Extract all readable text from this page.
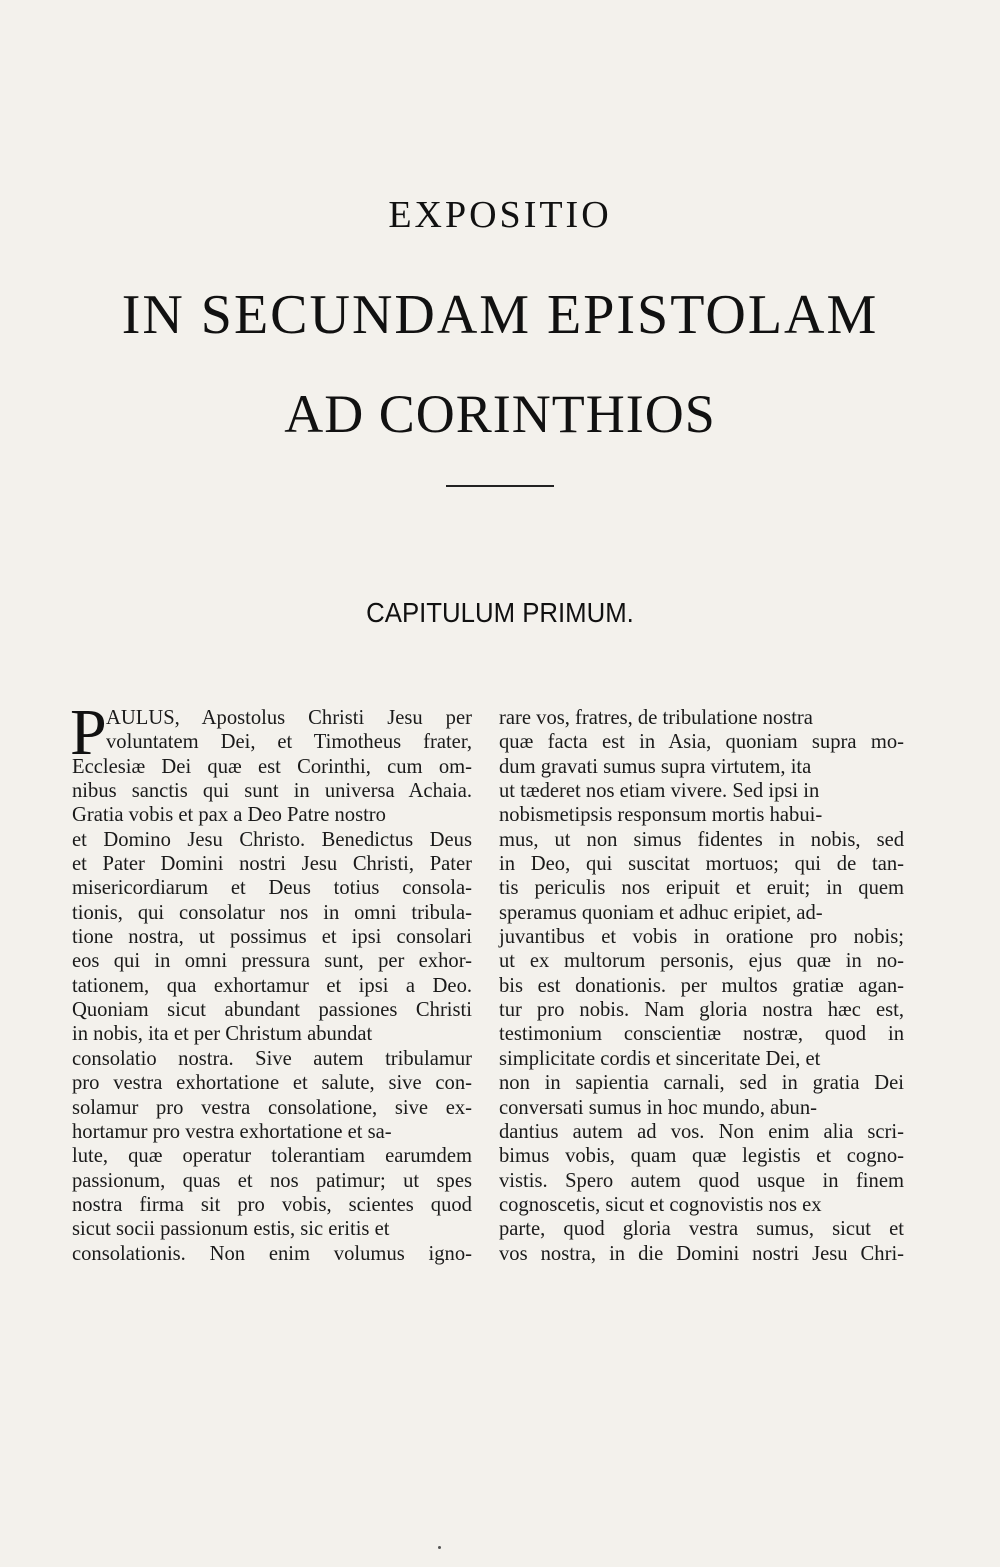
EXPOSITIO
IN SECUNDAM EPISTOLAM
AD CORINTHIOS
CAPITULUM PRIMUM.
P AULUS, Apostolus Christi Jesu per
voluntatem Dei, et Timotheus frater,
Ecclesiæ Dei quæ est Corinthi, cum om-
nibus sanctis qui sunt in universa Achaia.
Gratia vobis et pax a Deo Patre nostro
et Domino Jesu Christo. Benedictus Deus
et Pater Domini nostri Jesu Christi, Pater
misericordiarum et Deus totius consola-
tionis, qui consolatur nos in omni tribula-
tione nostra, ut possimus et ipsi consolari
eos qui in omni pressura sunt, per exhor-
tationem, qua exhortamur et ipsi a Deo.
Quoniam sicut abundant passiones Christi
in nobis, ita et per Christum abundat
consolatio nostra. Sive autem tribulamur
pro vestra exhortatione et salute, sive con-
solamur pro vestra consolatione, sive ex-
hortamur pro vestra exhortatione et sa-
lute, quæ operatur tolerantiam earumdem
passionum, quas et nos patimur; ut spes
nostra firma sit pro vobis, scientes quod
sicut socii passionum estis, sic eritis et
consolationis. Non enim volumus igno-
rare vos, fratres, de tribulatione nostra
quæ facta est in Asia, quoniam supra mo-
dum gravati sumus supra virtutem, ita
ut tæderet nos etiam vivere. Sed ipsi in
nobismetipsis responsum mortis habui-
mus, ut non simus fidentes in nobis, sed
in Deo, qui suscitat mortuos; qui de tan-
tis periculis nos eripuit et eruit; in quem
speramus quoniam et adhuc eripiet, ad-
juvantibus et vobis in oratione pro nobis;
ut ex multorum personis, ejus quæ in no-
bis est donationis. per multos gratiæ agan-
tur pro nobis. Nam gloria nostra hæc est,
testimonium conscientiæ nostræ, quod in
simplicitate cordis et sinceritate Dei, et
non in sapientia carnali, sed in gratia Dei
conversati sumus in hoc mundo, abun-
dantius autem ad vos. Non enim alia scri-
bimus vobis, quam quæ legistis et cogno-
vistis. Spero autem quod usque in finem
cognoscetis, sicut et cognovistis nos ex
parte, quod gloria vestra sumus, sicut et
vos nostra, in die Domini nostri Jesu Chri-
